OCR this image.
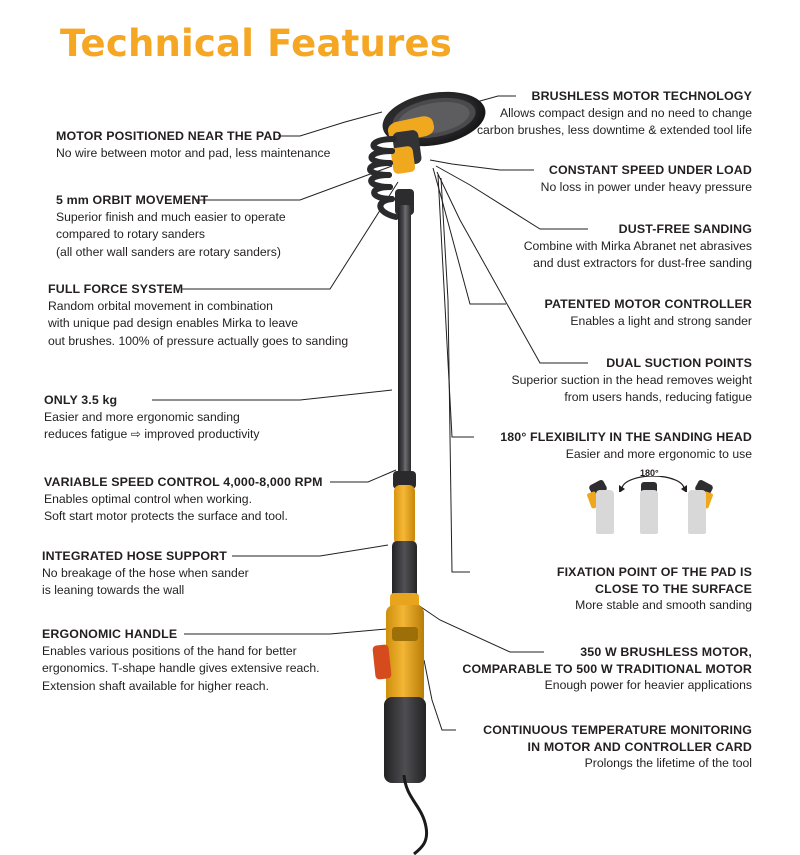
Technical Features
MOTOR POSITIONED NEAR THE PAD
No wire between motor and pad, less maintenance
5 mm ORBIT MOVEMENT
Superior finish and much easier to operate
compared to rotary sanders
(all other wall sanders are rotary sanders)
FULL FORCE SYSTEM
Random orbital movement in combination
with unique pad design enables Mirka to leave
out brushes. 100% of pressure actually goes to sanding
ONLY 3.5 kg
Easier and more ergonomic sanding
reduces fatigue ⇨ improved productivity
VARIABLE SPEED CONTROL 4,000-8,000 RPM
Enables optimal control when working.
Soft start motor protects the surface and tool.
INTEGRATED HOSE SUPPORT
No breakage of the hose when sander
is leaning towards the wall
ERGONOMIC HANDLE
Enables various positions of the hand for better
ergonomics. T-shape handle gives extensive reach.
Extension shaft available for higher reach.
BRUSHLESS MOTOR TECHNOLOGY
Allows compact design and no need to change
carbon brushes, less downtime & extended tool life
CONSTANT SPEED UNDER LOAD
No loss in power under heavy pressure
DUST-FREE SANDING
Combine with Mirka Abranet net abrasives
and dust extractors for dust-free sanding
PATENTED MOTOR CONTROLLER
Enables a light and strong sander
DUAL SUCTION POINTS
Superior suction in the head removes weight
from users hands, reducing fatigue
180° FLEXIBILITY IN THE SANDING HEAD
Easier and more ergonomic to use
FIXATION POINT OF THE PAD IS
CLOSE TO THE SURFACE
More stable and smooth sanding
350 W BRUSHLESS MOTOR,
COMPARABLE TO 500 W TRADITIONAL MOTOR
Enough power for heavier applications
CONTINUOUS TEMPERATURE MONITORING
IN MOTOR AND CONTROLLER CARD
Prolongs the lifetime of the tool
180°
